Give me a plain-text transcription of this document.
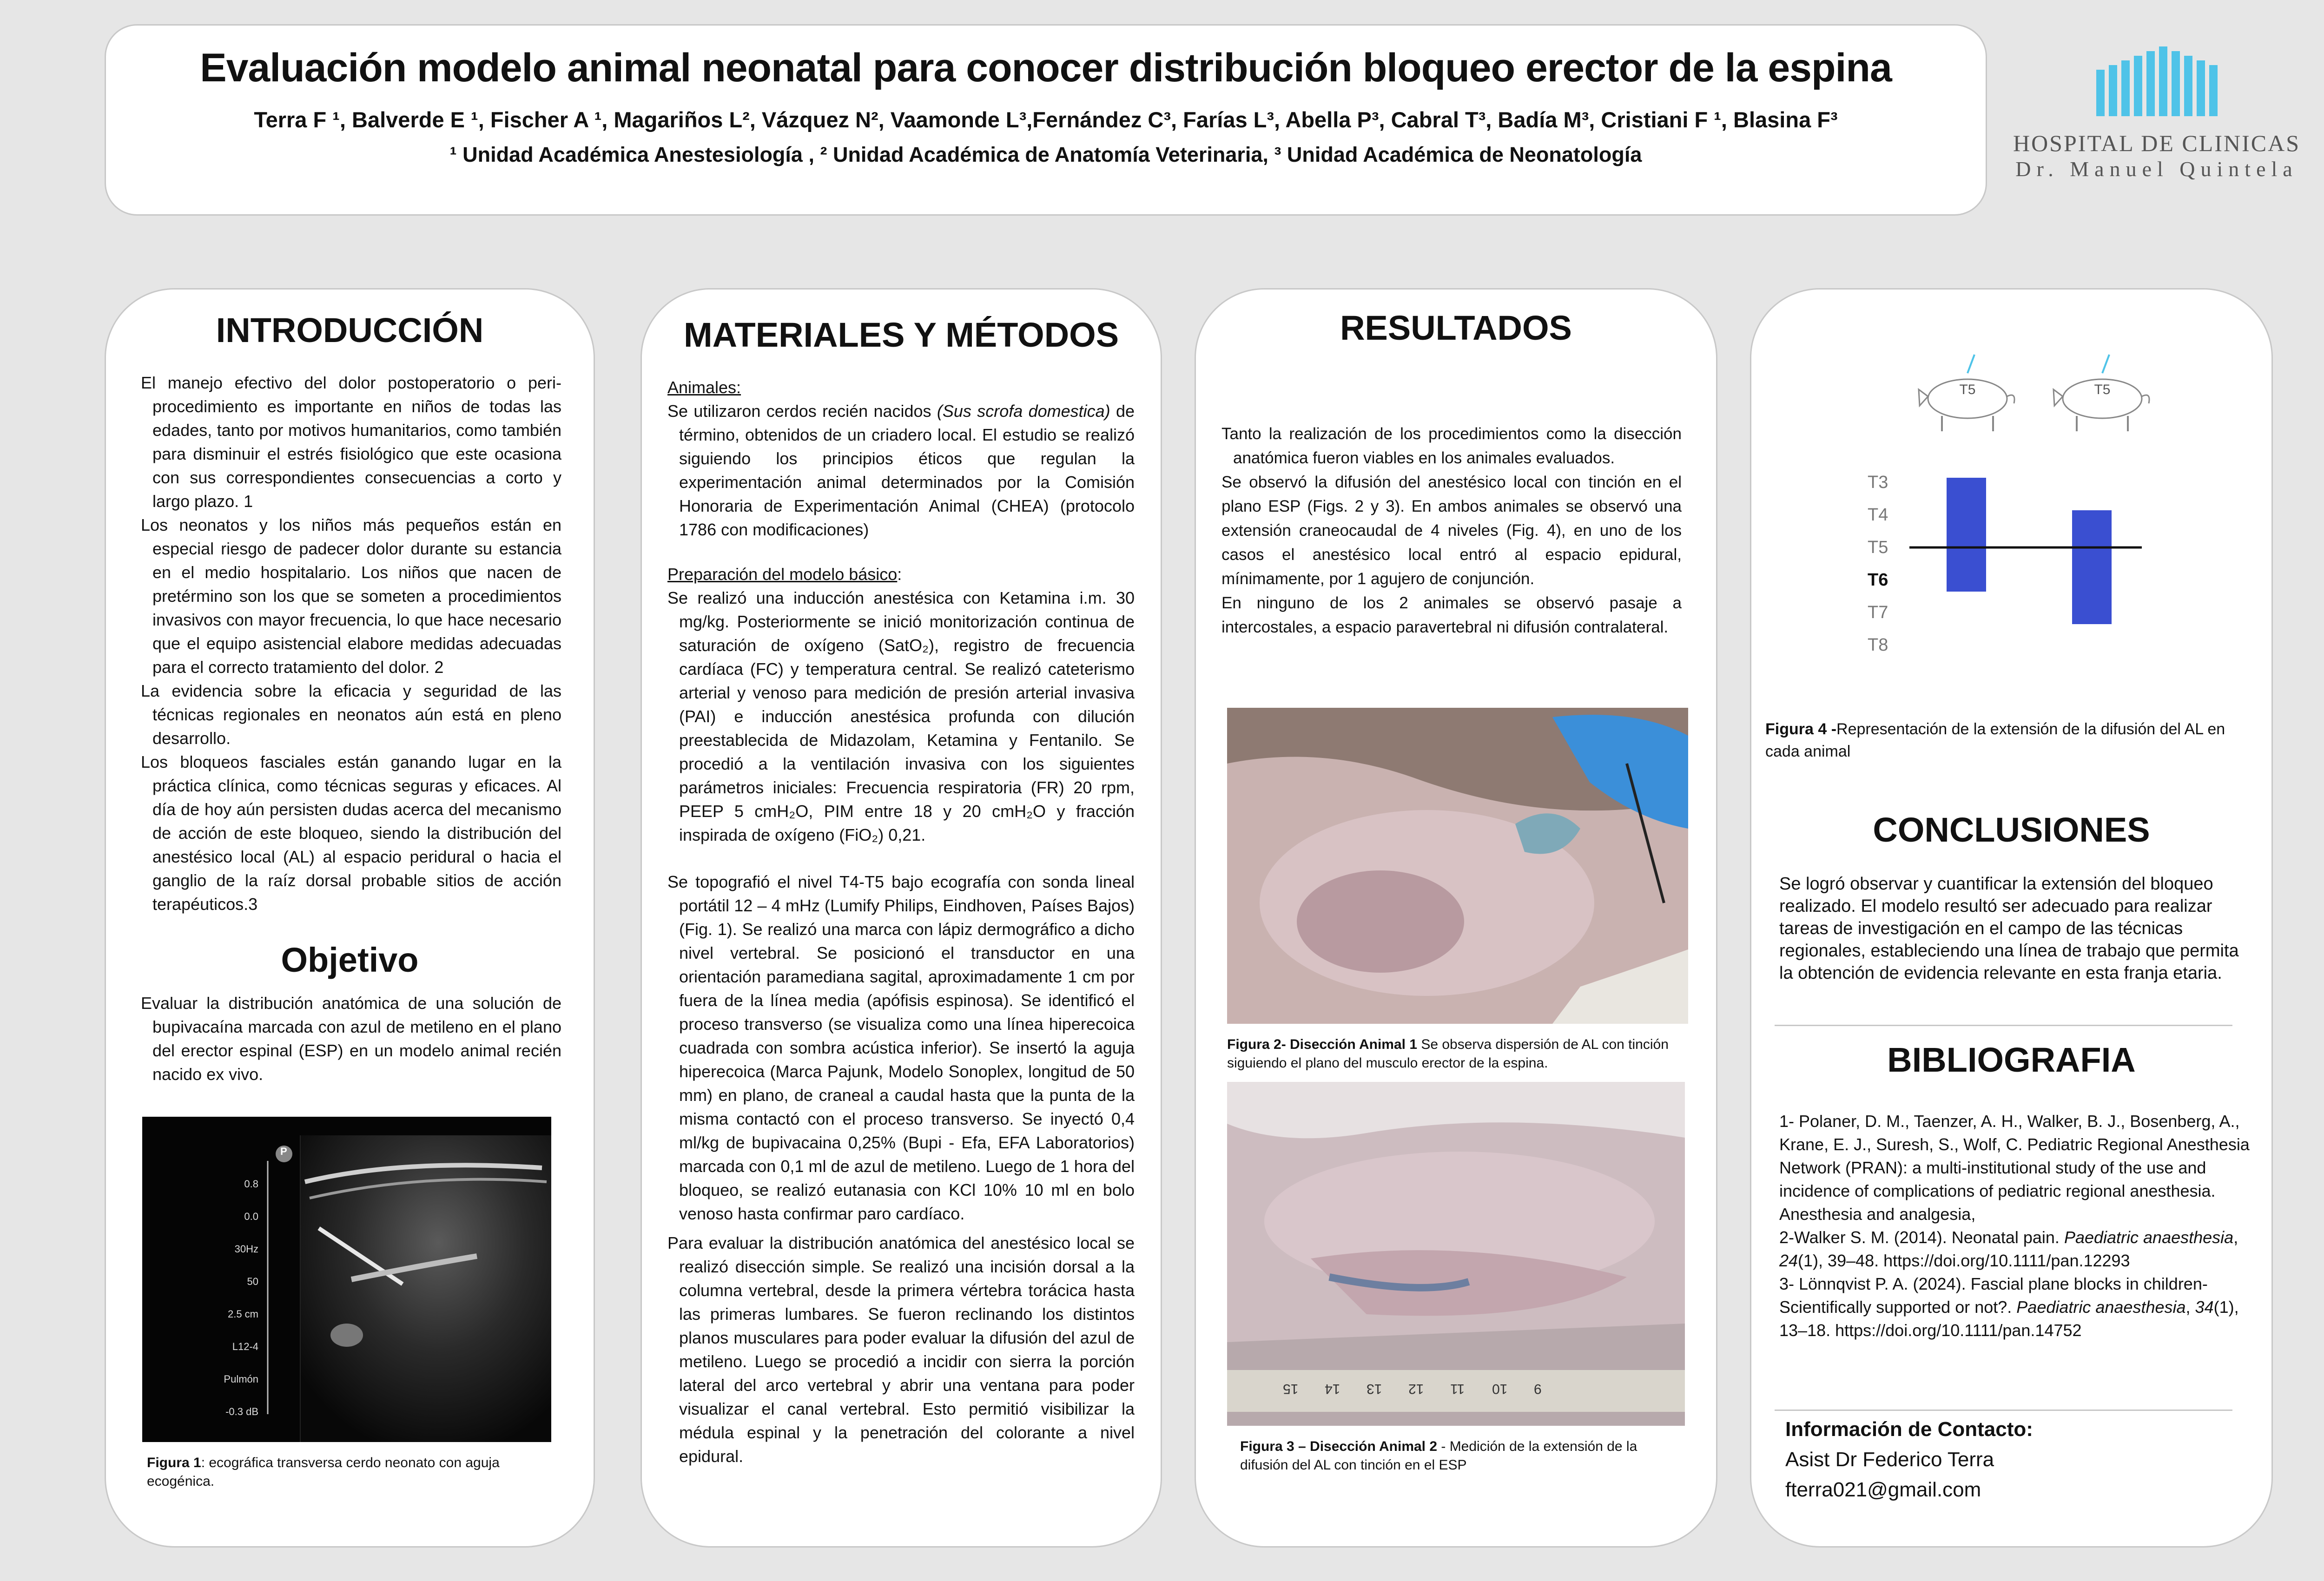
Evaluación modelo animal neonatal para conocer distribución bloqueo erector de la espina
Terra F ¹, Balverde E ¹, Fischer A ¹, Magariños L², Vázquez N², Vaamonde L³,Fernández C³, Farías L³, Abella P³, Cabral T³, Badía M³, Cristiani F ¹, Blasina F³
¹ Unidad Académica Anestesiología , ² Unidad Académica de Anatomía Veterinaria, ³ Unidad Académica de Neonatología	HOSPITAL DE CLINICAS
Dr. Manuel Quintela
INTRODUCCIÓN

El manejo efectivo del dolor postoperatorio o peri-procedimiento es importante en niños de todas las edades, tanto por motivos humanitarios, como también para disminuir el estrés fisiológico que este ocasiona con sus correspondientes consecuencias a corto y largo plazo. 1

Los neonatos y los niños más pequeños están en especial riesgo de padecer dolor durante su estancia en el medio hospitalario. Los niños que nacen de pretérmino son los que se someten a procedimientos invasivos con mayor frecuencia, lo que hace necesario que el equipo asistencial elabore medidas adecuadas para el correcto tratamiento del dolor. 2

La evidencia sobre la eficacia y seguridad de las técnicas regionales en neonatos aún está en pleno desarrollo.

Los bloqueos fasciales están ganando lugar en la práctica clínica, como técnicas seguras y eficaces. Al día de hoy aún persisten dudas acerca del mecanismo de acción de este bloqueo, siendo la distribución del anestésico local (AL) al espacio peridural o hacia el ganglio de la raíz dorsal probable sitios de acción terapéuticos.3

Objetivo

Evaluar la distribución anatómica de una solución de bupivacaína marcada con azul de metileno en el plano del erector espinal (ESP) en un modelo animal recién nacido ex vivo.

P
0.8
0.0
30Hz
50
2.5 cm
L12-4
Pulmón
-0.3 dB
Figura 1: ecográfica transversa cerdo neonato con aguja ecogénica.
MATERIALES Y MÉTODOS

Animales:

Se utilizaron cerdos recién nacidos (Sus scrofa domestica) de término, obtenidos de un criadero local. El estudio se realizó siguiendo los principios éticos que regulan la experimentación animal determinados por la Comisión Honoraria de Experimentación Animal (CHEA) (protocolo 1786 con modificaciones)

Preparación del modelo básico:

Se realizó una inducción anestésica con Ketamina i.m. 30 mg/kg. Posteriormente se inició monitorización continua de saturación de oxígeno (SatO₂), registro de frecuencia cardíaca (FC) y temperatura central. Se realizó cateterismo arterial y venoso para medición de presión arterial invasiva (PAI) e inducción anestésica profunda con dilución preestablecida de Midazolam, Ketamina y Fentanilo. Se procedió a la ventilación invasiva con los siguientes parámetros iniciales: Frecuencia respiratoria (FR) 20 rpm, PEEP 5 cmH₂O, PIM entre 18 y 20 cmH₂O y fracción inspirada de oxígeno (FiO₂) 0,21.

Se topografió el nivel T4-T5 bajo ecografía con sonda lineal portátil 12 – 4 mHz (Lumify Philips, Eindhoven, Países Bajos) (Fig. 1). Se realizó una marca con lápiz dermográfico a dicho nivel vertebral. Se posicionó el transductor en una orientación paramediana sagital, aproximadamente 1 cm por fuera de la línea media (apófisis espinosa). Se identificó el proceso transverso (se visualiza como una línea hiperecoica cuadrada con sombra acústica inferior). Se insertó la aguja hiperecoica (Marca Pajunk, Modelo Sonoplex, longitud de 50 mm) en plano, de craneal a caudal hasta que la punta de la misma contactó con el proceso transverso. Se inyectó 0,4 ml/kg de bupivacaina 0,25% (Bupi - Efa, EFA Laboratorios) marcada con 0,1 ml de azul de metileno. Luego de 1 hora del bloqueo, se realizó eutanasia con KCl 10% 10 ml en bolo venoso hasta confirmar paro cardíaco.

Para evaluar la distribución anatómica del anestésico local se realizó disección simple. Se realizó una incisión dorsal a la columna vertebral, desde la primera vértebra torácica hasta las primeras lumbares. Se fueron reclinando los distintos planos musculares para poder evaluar la difusión del azul de metileno. Luego se procedió a incidir con sierra la porción lateral del arco vertebral y abrir una ventana para poder visualizar el canal vertebral. Esto permitió visibilizar la médula espinal y la penetración del colorante a nivel epidural.

RESULTADOS

Tanto la realización de los procedimientos como la disección anatómica fueron viables en los animales evaluados.

Se observó la difusión del anestésico local con tinción en el plano ESP (Figs. 2 y 3). En ambos animales se observó una extensión craneocaudal de 4 niveles (Fig. 4), en uno de los casos el anestésico local entró al espacio epidural, mínimamente, por 1 agujero de conjunción.

En ninguno de los 2 animales se observó pasaje a intercostales, a espacio paravertebral ni difusión contralateral.

Figura 2- Disección Animal 1 Se observa dispersión de AL con tinción siguiendo el plano del musculo erector de la espina.
15 14 13 12 11 10 9
Figura 3 – Disección Animal 2 - Medición de la extensión de la difusión del AL con tinción en el ESP
T5	T5
T3
T4
T5
T6
T7
T8
Figura 4 -Representación de la extensión de la difusión del AL en cada animal
CONCLUSIONES
Se logró observar y cuantificar la extensión del bloqueo realizado. El modelo resultó ser adecuado para realizar tareas de investigación en el campo de las técnicas regionales, estableciendo una línea de trabajo que permita la obtención de evidencia relevante en esta franja etaria.
BIBLIOGRAFIA
1- Polaner, D. M., Taenzer, A. H., Walker, B. J., Bosenberg, A., Krane, E. J., Suresh, S., Wolf, C. Pediatric Regional Anesthesia Network (PRAN): a multi-institutional study of the use and incidence of complications of pediatric regional anesthesia. Anesthesia and analgesia,
2-Walker S. M. (2014). Neonatal pain. Paediatric anaesthesia, 24(1), 39–48. https://doi.org/10.1111/pan.12293
3- Lönnqvist P. A. (2024). Fascial plane blocks in children-Scientifically supported or not?. Paediatric anaesthesia, 34(1), 13–18. https://doi.org/10.1111/pan.14752
Información de Contacto:
Asist Dr Federico Terra
fterra021@gmail.com
